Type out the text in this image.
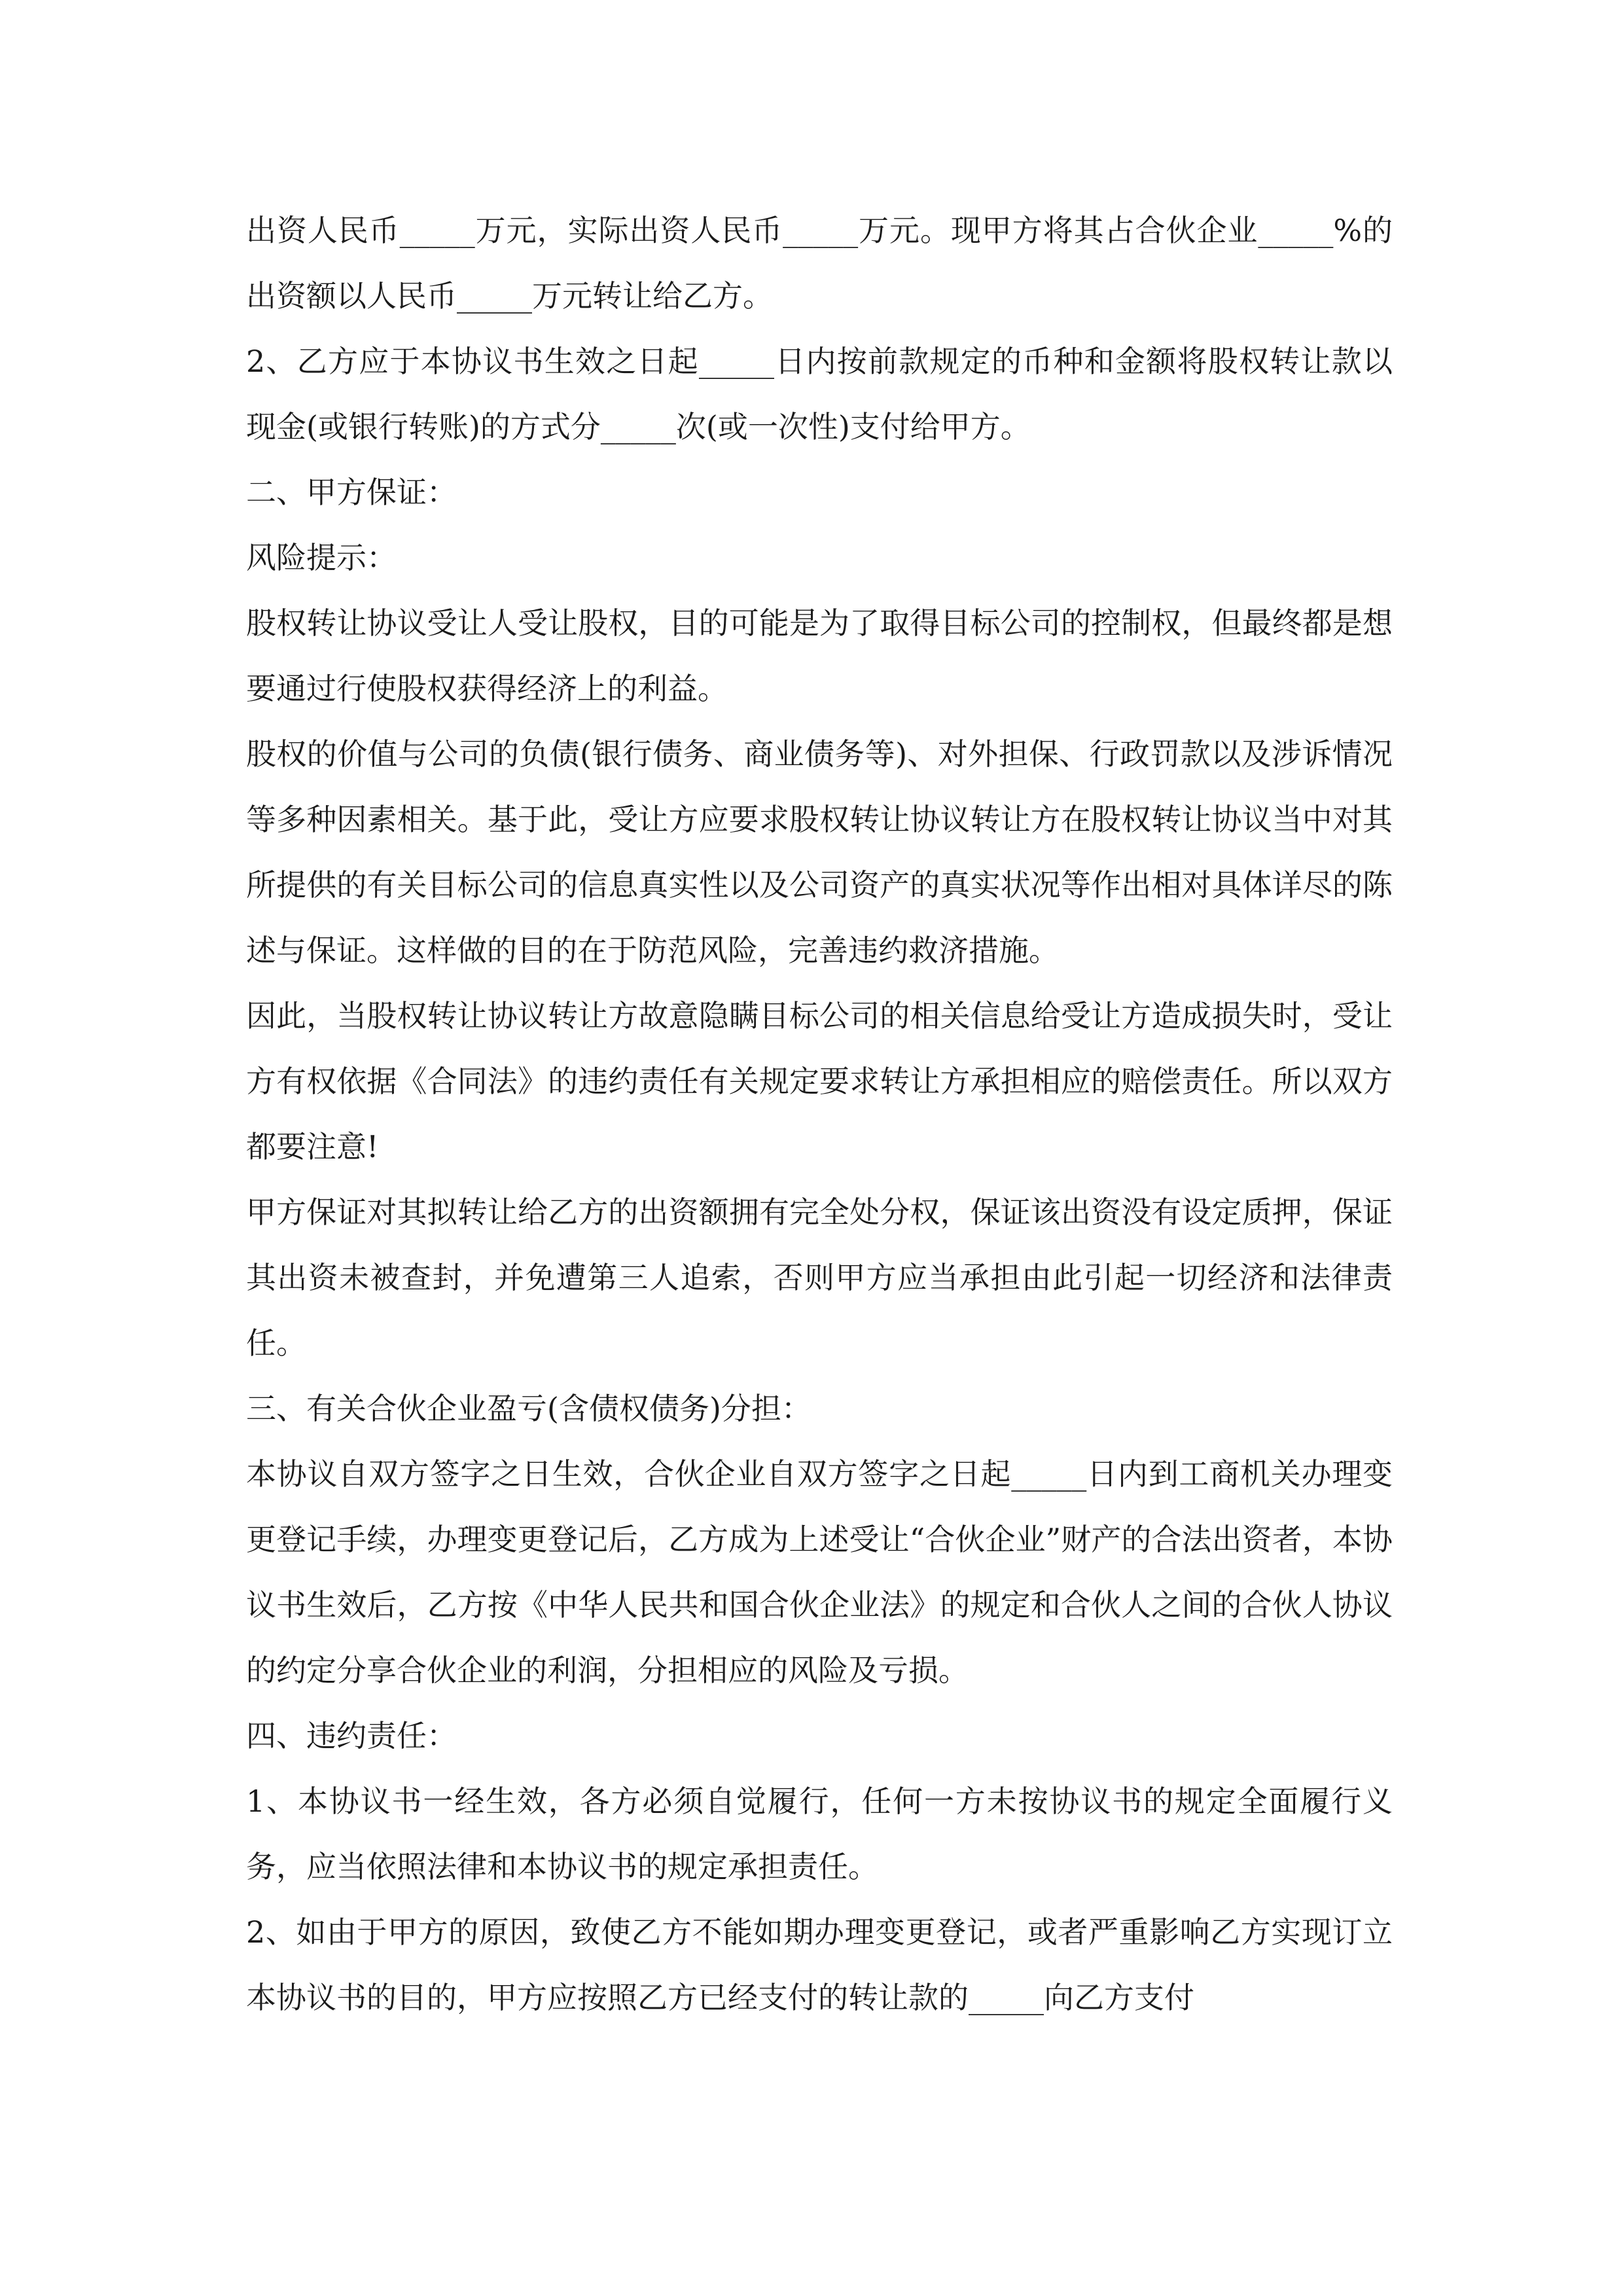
出资人民币_____万元，实际出资人民币_____万元。现甲方将其占合伙企业_____%的出资额以人民币_____万元转让给乙方。

2、乙方应于本协议书生效之日起_____日内按前款规定的币种和金额将股权转让款以现金(或银行转账)的方式分_____次(或一次性)支付给甲方。

二、甲方保证：

风险提示：

股权转让协议受让人受让股权，目的可能是为了取得目标公司的控制权，但最终都是想要通过行使股权获得经济上的利益。

股权的价值与公司的负债(银行债务、商业债务等)、对外担保、行政罚款以及涉诉情况等多种因素相关。基于此，受让方应要求股权转让协议转让方在股权转让协议当中对其所提供的有关目标公司的信息真实性以及公司资产的真实状况等作出相对具体详尽的陈述与保证。这样做的目的在于防范风险，完善违约救济措施。

因此，当股权转让协议转让方故意隐瞒目标公司的相关信息给受让方造成损失时，受让方有权依据《合同法》的违约责任有关规定要求转让方承担相应的赔偿责任。所以双方都要注意!

甲方保证对其拟转让给乙方的出资额拥有完全处分权，保证该出资没有设定质押，保证其出资未被查封，并免遭第三人追索，否则甲方应当承担由此引起一切经济和法律责任。

三、有关合伙企业盈亏(含债权债务)分担：

本协议自双方签字之日生效，合伙企业自双方签字之日起_____日内到工商机关办理变更登记手续，办理变更登记后，乙方成为上述受让“合伙企业”财产的合法出资者，本协议书生效后，乙方按《中华人民共和国合伙企业法》的规定和合伙人之间的合伙人协议的约定分享合伙企业的利润，分担相应的风险及亏损。

四、违约责任：

1、本协议书一经生效，各方必须自觉履行，任何一方未按协议书的规定全面履行义务，应当依照法律和本协议书的规定承担责任。

2、如由于甲方的原因，致使乙方不能如期办理变更登记，或者严重影响乙方实现订立本协议书的目的，甲方应按照乙方已经支付的转让款的_____向乙方支付
